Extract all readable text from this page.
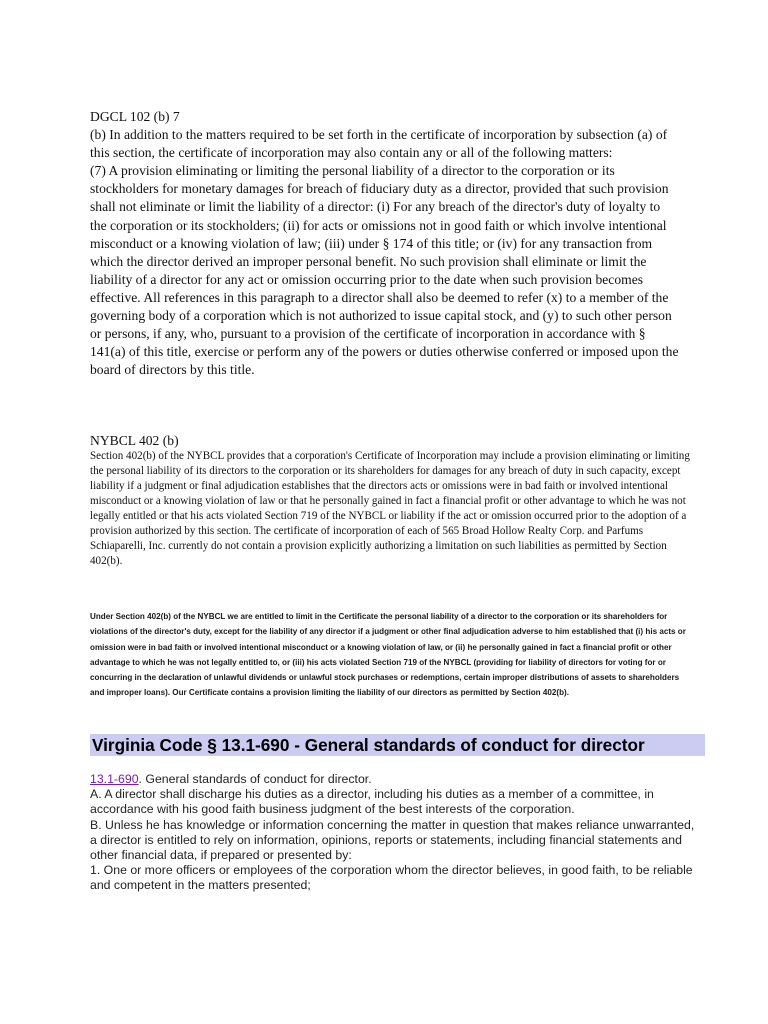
DGCL 102 (b) 7

(b) In addition to the matters required to be set forth in the certificate of incorporation by subsection (a) of this section, the certificate of incorporation may also contain any or all of the following matters:

(7) A provision eliminating or limiting the personal liability of a director to the corporation or its stockholders for monetary damages for breach of fiduciary duty as a director, provided that such provision shall not eliminate or limit the liability of a director: (i) For any breach of the director's duty of loyalty to the corporation or its stockholders; (ii) for acts or omissions not in good faith or which involve intentional misconduct or a knowing violation of law; (iii) under § 174 of this title; or (iv) for any transaction from which the director derived an improper personal benefit. No such provision shall eliminate or limit the liability of a director for any act or omission occurring prior to the date when such provision becomes effective. All references in this paragraph to a director shall also be deemed to refer (x) to a member of the governing body of a corporation which is not authorized to issue capital stock, and (y) to such other person or persons, if any, who, pursuant to a provision of the certificate of incorporation in accordance with § 141(a) of this title, exercise or perform any of the powers or duties otherwise conferred or imposed upon the board of directors by this title.

NYBCL 402 (b)

Section 402(b) of the NYBCL provides that a corporation's Certificate of Incorporation may include a provision eliminating or limiting the personal liability of its directors to the corporation or its shareholders for damages for any breach of duty in such capacity, except liability if a judgment or final adjudication establishes that the directors acts or omissions were in bad faith or involved intentional misconduct or a knowing violation of law or that he personally gained in fact a financial profit or other advantage to which he was not legally entitled or that his acts violated Section 719 of the NYBCL or liability if the act or omission occurred prior to the adoption of a provision authorized by this section. The certificate of incorporation of each of 565 Broad Hollow Realty Corp. and Parfums Schiaparelli, Inc. currently do not contain a provision explicitly authorizing a limitation on such liabilities as permitted by Section 402(b).

Under Section 402(b) of the NYBCL we are entitled to limit in the Certificate the personal liability of a director to the corporation or its shareholders for violations of the director's duty, except for the liability of any director if a judgment or other final adjudication adverse to him established that (i) his acts or omission were in bad faith or involved intentional misconduct or a knowing violation of law, or (ii) he personally gained in fact a financial profit or other advantage to which he was not legally entitled to, or (iii) his acts violated Section 719 of the NYBCL (providing for liability of directors for voting for or concurring in the declaration of unlawful dividends or unlawful stock purchases or redemptions, certain improper distributions of assets to shareholders and improper loans). Our Certificate contains a provision limiting the liability of our directors as permitted by Section 402(b).

Virginia Code § 13.1-690 - General standards of conduct for director

13.1-690. General standards of conduct for director.

A. A director shall discharge his duties as a director, including his duties as a member of a committee, in accordance with his good faith business judgment of the best interests of the corporation.

B. Unless he has knowledge or information concerning the matter in question that makes reliance unwarranted, a director is entitled to rely on information, opinions, reports or statements, including financial statements and other financial data, if prepared or presented by:

1. One or more officers or employees of the corporation whom the director believes, in good faith, to be reliable and competent in the matters presented;
